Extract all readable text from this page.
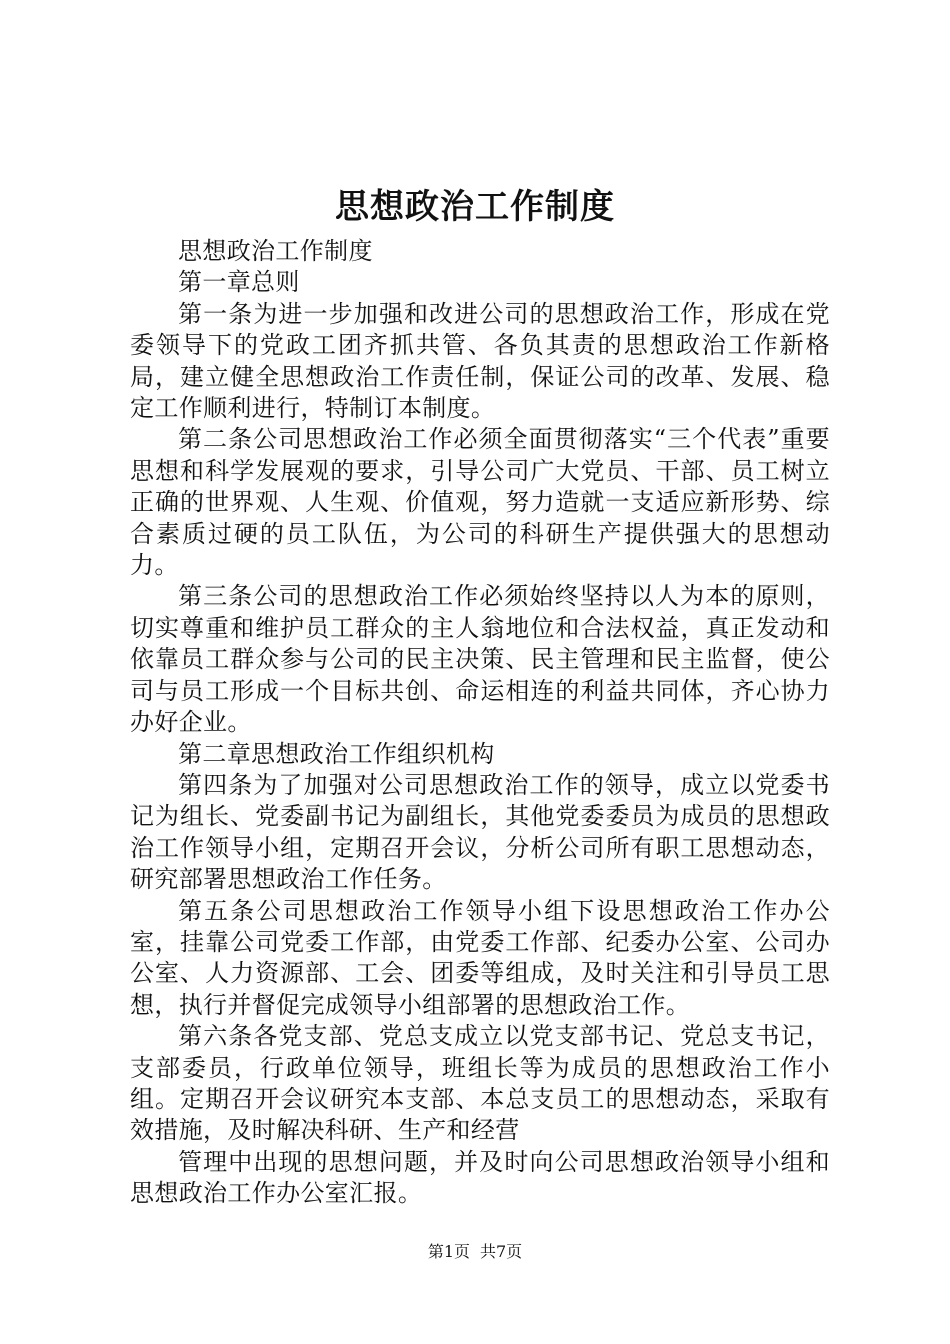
思想政治工作制度

思想政治工作制度

第一章总则

第一条为进一步加强和改进公司的思想政治工作，形成在党委领导下的党政工团齐抓共管、各负其责的思想政治工作新格局，建立健全思想政治工作责任制，保证公司的改革、发展、稳定工作顺利进行，特制订本制度。

第二条公司思想政治工作必须全面贯彻落实“三个代表”重要思想和科学发展观的要求，引导公司广大党员、干部、员工树立正确的世界观、人生观、价值观，努力造就一支适应新形势、综合素质过硬的员工队伍，为公司的科研生产提供强大的思想动力。

第三条公司的思想政治工作必须始终坚持以人为本的原则，切实尊重和维护员工群众的主人翁地位和合法权益，真正发动和依靠员工群众参与公司的民主决策、民主管理和民主监督，使公司与员工形成一个目标共创、命运相连的利益共同体，齐心协力办好企业。

第二章思想政治工作组织机构

第四条为了加强对公司思想政治工作的领导，成立以党委书记为组长、党委副书记为副组长，其他党委委员为成员的思想政治工作领导小组，定期召开会议，分析公司所有职工思想动态，研究部署思想政治工作任务。

第五条公司思想政治工作领导小组下设思想政治工作办公室，挂靠公司党委工作部，由党委工作部、纪委办公室、公司办公室、人力资源部、工会、团委等组成，及时关注和引导员工思想，执行并督促完成领导小组部署的思想政治工作。

第六条各党支部、党总支成立以党支部书记、党总支书记，支部委员，行政单位领导，班组长等为成员的思想政治工作小组。定期召开会议研究本支部、本总支员工的思想动态，采取有效措施，及时解决科研、生产和经营

管理中出现的思想问题，并及时向公司思想政治领导小组和思想政治工作办公室汇报。

第1页 共7页
